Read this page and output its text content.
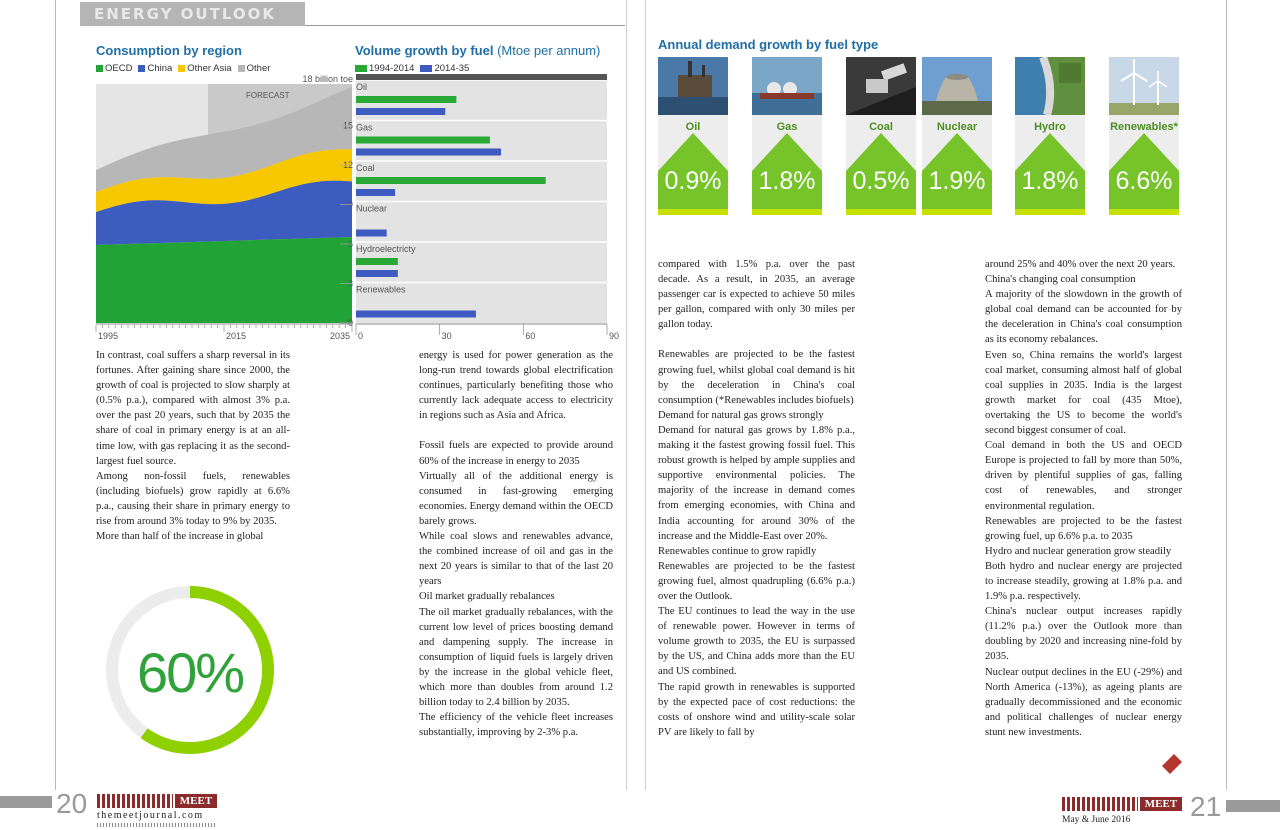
ENERGY OUTLOOK
Consumption by region
OECD	China	Other Asia	Other
Volume growth by fuel (Mtoe per annum)
1994-2014	2014-35
FORECAST
1995	2015	2035
0
3
6
9
12
15
18 billion toe
Oil
Gas
Coal
Nuclear
Hydroelectricty
Renewables
0	30	60	90

In contrast, coal suffers a sharp reversal in its fortunes. After gaining share since 2000, the growth of coal is projected to slow sharply at (0.5% p.a.), compared with almost 3% p.a. over the past 20 years, such that by 2035 the share of coal in primary energy is at an all-time low, with gas replacing it as the second-largest fuel source.

Among non-fossil fuels, renewables (including biofuels) grow rapidly at 6.6% p.a., causing their share in primary energy to rise from around 3% today to 9% by 2035.

More than half of the increase in global

60%

energy is used for power generation as the long-run trend towards global electrification continues, particularly benefiting those who currently lack adequate access to electricity in regions such as Asia and Africa.

Fossil fuels are expected to provide around 60% of the increase in energy to 2035

Virtually all of the additional energy is consumed in fast-growing emerging economies. Energy demand within the OECD barely grows.

While coal slows and renewables advance, the combined increase of oil and gas in the next 20 years is similar to that of the last 20 years

Oil market gradually rebalances

The oil market gradually rebalances, with the current low level of prices boosting demand and dampening supply. The increase in consumption of liquid fuels is largely driven by the increase in the global vehicle fleet, which more than doubles from around 1.2 billion today to 2.4 billion by 2035.

The efficiency of the vehicle fleet increases substantially, improving by 2-3% p.a.

Annual demand growth by fuel type
Oil
0.9%
Gas
1.8%
Coal
0.5%
Nuclear
1.9%
Hydro
1.8%
Renewables*
6.6%

compared with 1.5% p.a. over the past decade. As a result, in 2035, an average passenger car is expected to achieve 50 miles per gallon, compared with only 30 miles per gallon today.

Renewables are projected to be the fastest growing fuel, whilst global coal demand is hit by the deceleration in China's coal consumption (*Renewables includes biofuels)

Demand for natural gas grows strongly

Demand for natural gas grows by 1.8% p.a., making it the fastest growing fossil fuel. This robust growth is helped by ample supplies and supportive environmental policies. The majority of the increase in demand comes from emerging economies, with China and India accounting for around 30% of the increase and the Middle-East over 20%.

Renewables continue to grow rapidly

Renewables are projected to be the fastest growing fuel, almost quadrupling (6.6% p.a.) over the Outlook.

The EU continues to lead the way in the use of renewable power. However in terms of volume growth to 2035, the EU is surpassed by the US, and China adds more than the EU and US combined.

The rapid growth in renewables is supported by the expected pace of cost reductions: the costs of onshore wind and utility-scale solar PV are likely to fall by

around 25% and 40% over the next 20 years.

China's changing coal consumption

A majority of the slowdown in the growth of global coal demand can be accounted for by the deceleration in China's coal consumption as its economy rebalances.

Even so, China remains the world's largest coal market, consuming almost half of global coal supplies in 2035. India is the largest growth market for coal (435 Mtoe), overtaking the US to become the world's second biggest consumer of coal.

Coal demand in both the US and OECD Europe is projected to fall by more than 50%, driven by plentiful supplies of gas, falling cost of renewables, and stronger environmental regulation.

Renewables are projected to be the fastest growing fuel, up 6.6% p.a. to 2035

Hydro and nuclear generation grow steadily

Both hydro and nuclear energy are projected to increase steadily, growing at 1.8% p.a. and 1.9% p.a. respectively.

China's nuclear output increases rapidly (11.2% p.a.) over the Outlook more than doubling by 2020 and increasing nine-fold by 2035.

Nuclear output declines in the EU (-29%) and North America (-13%), as ageing plants are gradually decommissioned and the economic and political challenges of nuclear energy stunt new investments.

20	MEET
themeetjournal.com
MEET
May & June 2016 21
